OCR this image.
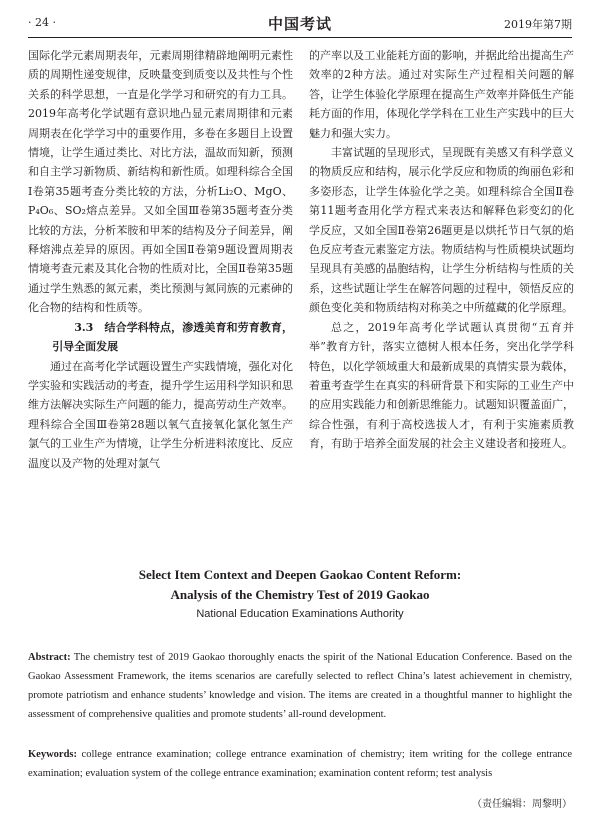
· 24 ·	中国考试	2019年第7期

国际化学元素周期表年，元素周期律精辟地阐明元素性质的周期性递变规律，反映量变到质变以及共性与个性关系的科学思想，一直是化学学习和研究的有力工具。2019年高考化学试题有意识地凸显元素周期律和元素周期表在化学学习中的重要作用，多卷在多题目上设置情境，让学生通过类比、对比方法，温故而知新，预测和自主学习新物质、新结构和新性质。如理科综合全国Ⅰ卷第35题考查分类比较的方法，分析Li₂O、MgO、P₄O₆、SO₂熔点差异。又如全国Ⅲ卷第35题考查分类比较的方法，分析苯胺和甲苯的结构及分子间差异，阐释熔沸点差异的原因。再如全国Ⅱ卷第9题设置周期表情境考查元素及其化合物的性质对比，全国Ⅱ卷第35题通过学生熟悉的氮元素，类比预测与氮同族的元素砷的化合物的结构和性质等。

3.3　结合学科特点，渗透美育和劳育教育，引导全面发展

通过在高考化学试题设置生产实践情境，强化对化学实验和实践活动的考查，提升学生运用科学知识和思维方法解决实际生产问题的能力，提高劳动生产效率。理科综合全国Ⅲ卷第28题以氧气直接氧化氯化氢生产氯气的工业生产为情境，让学生分析进料浓度比、反应温度以及产物的处理对氯气

的产率以及工业能耗方面的影响，并据此给出提高生产效率的2种方法。通过对实际生产过程相关问题的解答，让学生体验化学原理在提高生产效率并降低生产能耗方面的作用，体现化学学科在工业生产实践中的巨大魅力和强大实力。

丰富试题的呈现形式，呈现既有美感又有科学意义的物质反应和结构，展示化学反应和物质的绚丽色彩和多姿形态，让学生体验化学之美。如理科综合全国Ⅱ卷第11题考查用化学方程式来表达和解释色彩变幻的化学反应，又如全国Ⅱ卷第26题更是以烘托节日气氛的焰色反应考查元素鉴定方法。物质结构与性质模块试题均呈现具有美感的晶胞结构，让学生分析结构与性质的关系，这些试题让学生在解答问题的过程中，领悟反应的颜色变化美和物质结构对称美之中所蕴藏的化学原理。

总之，2019年高考化学试题认真贯彻“五育并举”教育方针，落实立德树人根本任务，突出化学学科特色，以化学领域重大和最新成果的真情实景为载体，着重考查学生在真实的科研背景下和实际的工业生产中的应用实践能力和创新思维能力。试题知识覆盖面广，综合性强，有利于高校选拔人才，有利于实施素质教育，有助于培养全面发展的社会主义建设者和接班人。

Select Item Context and Deepen Gaokao Content Reform:
Analysis of the Chemistry Test of 2019 Gaokao
National Education Examinations Authority
Abstract: The chemistry test of 2019 Gaokao thoroughly enacts the spirit of the National Education Conference. Based on the Gaokao Assessment Framework, the items scenarios are carefully selected to reflect China’s latest achievement in chemistry, promote patriotism and enhance students’ knowledge and vision. The items are created in a thoughtful manner to highlight the assessment of comprehensive qualities and promote students’ all-round development.
Keywords: college entrance examination; college entrance examination of chemistry; item writing for the college entrance examination; evaluation system of the college entrance examination; examination content reform; test analysis
（责任编辑：周黎明）
